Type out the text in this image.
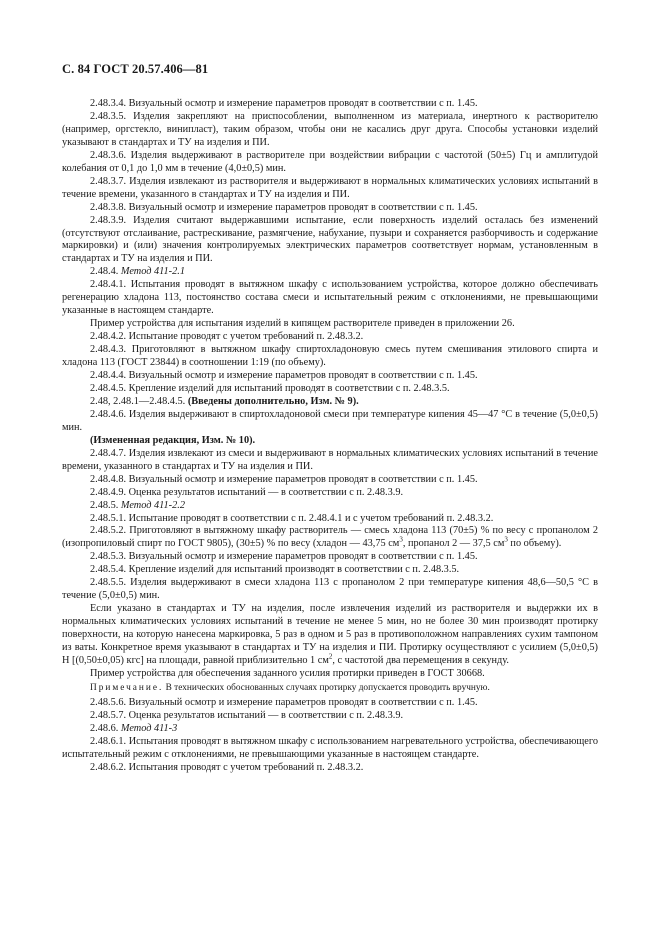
С. 84 ГОСТ 20.57.406—81

2.48.3.4. Визуальный осмотр и измерение параметров проводят в соответствии с п. 1.45.

2.48.3.5. Изделия закрепляют на приспособлении, выполненном из материала, инертного к растворителю (например, оргстекло, винипласт), таким образом, чтобы они не касались друг друга. Способы установки изделий указывают в стандартах и ТУ на изделия и ПИ.

2.48.3.6. Изделия выдерживают в растворителе при воздействии вибрации с частотой (50±5) Гц и амплитудой колебания от 0,1 до 1,0 мм в течение (4,0±0,5) мин.

2.48.3.7. Изделия извлекают из растворителя и выдерживают в нормальных климатических условиях испытаний в течение времени, указанного в стандартах и ТУ на изделия и ПИ.

2.48.3.8. Визуальный осмотр и измерение параметров проводят в соответствии с п. 1.45.

2.48.3.9. Изделия считают выдержавшими испытание, если поверхность изделий осталась без изменений (отсутствуют отслаивание, растрескивание, размягчение, набухание, пузыри и сохраняется разборчивость и содержание маркировки) и (или) значения контролируемых электрических параметров соответствует нормам, установленным в стандартах и ТУ на изделия и ПИ.

2.48.4. Метод 411-2.1

2.48.4.1. Испытания проводят в вытяжном шкафу с использованием устройства, которое должно обеспечивать регенерацию хладона 113, постоянство состава смеси и испытательный режим с отклонениями, не превышающими указанные в настоящем стандарте.

Пример устройства для испытания изделий в кипящем растворителе приведен в приложении 26.

2.48.4.2. Испытание проводят с учетом требований п. 2.48.3.2.

2.48.4.3. Приготовляют в вытяжном шкафу спиртохладоновую смесь путем смешивания этилового спирта и хладона 113 (ГОСТ 23844) в соотношении 1:19 (по объему).

2.48.4.4. Визуальный осмотр и измерение параметров проводят в соответствии с п. 1.45.

2.48.4.5. Крепление изделий для испытаний проводят в соответствии с п. 2.48.3.5.

2.48, 2.48.1—2.48.4.5. (Введены дополнительно, Изм. № 9).

2.48.4.6. Изделия выдерживают в спиртохладоновой смеси при температуре кипения 45—47 °С в течение (5,0±0,5) мин.

(Измененная редакция, Изм. № 10).

2.48.4.7. Изделия извлекают из смеси и выдерживают в нормальных климатических условиях испытаний в течение времени, указанного в стандартах и ТУ на изделия и ПИ.

2.48.4.8. Визуальный осмотр и измерение параметров проводят в соответствии с п. 1.45.

2.48.4.9. Оценка результатов испытаний — в соответствии с п. 2.48.3.9.

2.48.5. Метод 411-2.2

2.48.5.1. Испытание проводят в соответствии с п. 2.48.4.1 и с учетом требований п. 2.48.3.2.

2.48.5.2. Приготовляют в вытяжному шкафу растворитель — смесь хладона 113 (70±5) % по весу с пропанолом 2 (изопропиловый спирт по ГОСТ 9805), (30±5) % по весу (хладон — 43,75 $см^3$, пропанол 2 — 37,5 $см^3$ по объему).

2.48.5.3. Визуальный осмотр и измерение параметров проводят в соответствии с п. 1.45.

2.48.5.4. Крепление изделий для испытаний производят в соответствии с п. 2.48.3.5.

2.48.5.5. Изделия выдерживают в смеси хладона 113 с пропанолом 2 при температуре кипения 48,6—50,5 °С в течение (5,0±0,5) мин.

Если указано в стандартах и ТУ на изделия, после извлечения изделий из растворителя и выдержки их в нормальных климатических условиях испытаний в течение не менее 5 мин, но не более 30 мин производят протирку поверхности, на которую нанесена маркировка, 5 раз в одном и 5 раз в противоположном направлениях сухим тампоном из ваты. Конкретное время указывают в стандартах и ТУ на изделия и ПИ. Протирку осуществляют с усилием (5,0±0,5) Н [(0,50±0,05) кгс] на площади, равной приблизительно 1 $см^2$, с частотой два перемещения в секунду.

Пример устройства для обеспечения заданного усилия протирки приведен в ГОСТ 30668.

Примечание. В технических обоснованных случаях протирку допускается проводить вручную.

2.48.5.6. Визуальный осмотр и измерение параметров проводят в соответствии с п. 1.45.

2.48.5.7. Оценка результатов испытаний — в соответствии с п. 2.48.3.9.

2.48.6. Метод 411-3

2.48.6.1. Испытания проводят в вытяжном шкафу с использованием нагревательного устройства, обеспечивающего испытательный режим с отклонениями, не превышающими указанные в настоящем стандарте.

2.48.6.2. Испытания проводят с учетом требований п. 2.48.3.2.
